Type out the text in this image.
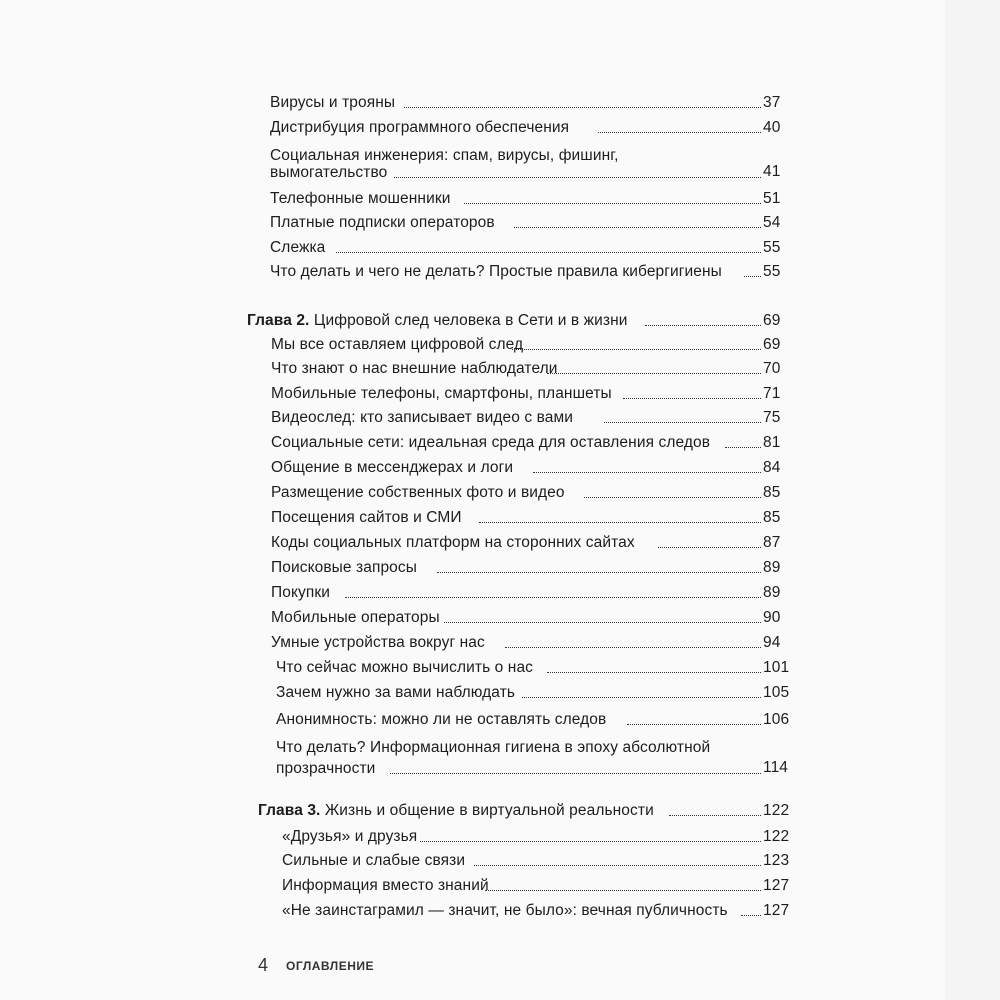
Вирусы и трояны	37
Дистрибуция программного обеспечения	40
Социальная инженерия: спам, вирусы, фишинг,
вымогательство	41
Телефонные мошенники	51
Платные подписки операторов	54
Слежка	55
Что делать и чего не делать? Простые правила кибергигиены	55
Глава 2. Цифровой след человека в Сети и в жизни	69
Мы все оставляем цифровой след	69
Что знают о нас внешние наблюдатели	70
Мобильные телефоны, смартфоны, планшеты	71
Видеослед: кто записывает видео с вами	75
Социальные сети: идеальная среда для оставления следов	81
Общение в мессенджерах и логи	84
Размещение собственных фото и видео	85
Посещения сайтов и СМИ	85
Коды социальных платформ на сторонних сайтах	87
Поисковые запросы	89
Покупки	89
Мобильные операторы	90
Умные устройства вокруг нас	94
Что сейчас можно вычислить о нас	101
Зачем нужно за вами наблюдать	105
Анонимность: можно ли не оставлять следов	106
Что делать? Информационная гигиена в эпоху абсолютной
прозрачности	114
Глава 3. Жизнь и общение в виртуальной реальности	122
«Друзья» и друзья	122
Сильные и слабые связи	123
Информация вместо знаний	127
«Не заинстаграмил — значит, не было»: вечная публичность 127
4 ОГЛАВЛЕНИЕ
